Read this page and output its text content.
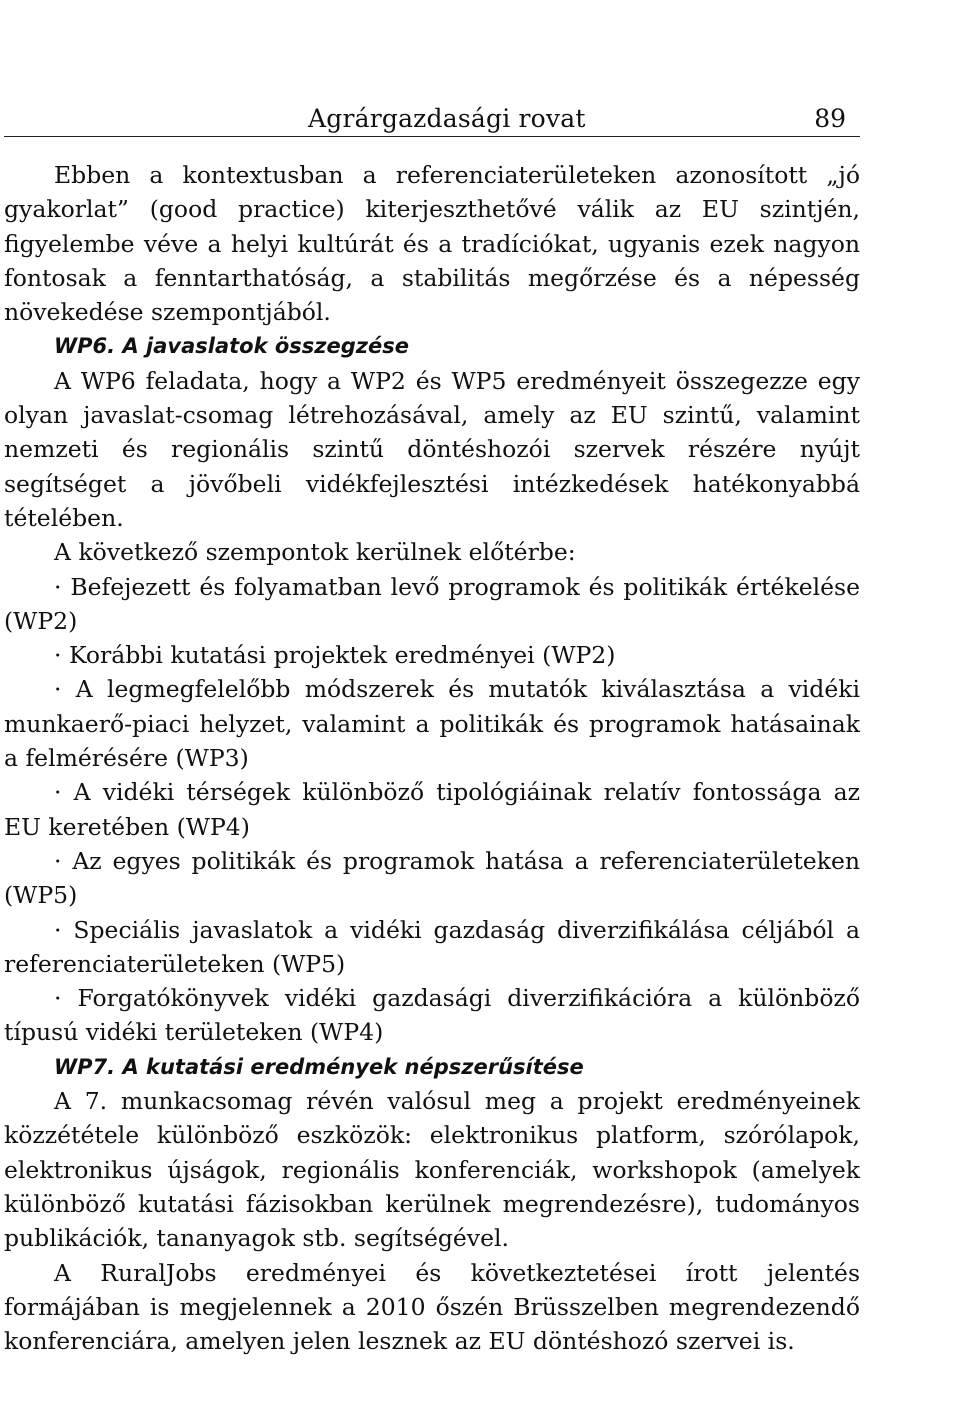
Agrárgazdasági rovat	89

Ebben a kontextusban a referenciaterületeken azonosított „jó gyakorlat” (good practice) kiterjeszthetővé válik az EU szintjén, figyelembe véve a helyi kultúrát és a tradíciókat, ugyanis ezek nagyon fontosak a fenntarthatóság, a stabilitás megőrzése és a népesség növekedése szempontjából.

WP6. A javaslatok összegzése

A WP6 feladata, hogy a WP2 és WP5 eredményeit összegezze egy olyan javaslat-csomag létrehozásával, amely az EU szintű, valamint nemzeti és regionális szintű döntéshozói szervek részére nyújt segítséget a jövőbeli vidékfejlesztési intézkedések hatékonyabbá tételében.

A következő szempontok kerülnek előtérbe:

· Befejezett és folyamatban levő programok és politikák értékelése (WP2)

· Korábbi kutatási projektek eredményei (WP2)

· A legmegfelelőbb módszerek és mutatók kiválasztása a vidéki munkaerő-piaci helyzet, valamint a politikák és programok hatásainak a felmérésére (WP3)

· A vidéki térségek különböző tipológiáinak relatív fontossága az EU keretében (WP4)

· Az egyes politikák és programok hatása a referenciaterületeken (WP5)

· Speciális javaslatok a vidéki gazdaság diverzifikálása céljából a referenciaterületeken (WP5)

· Forgatókönyvek vidéki gazdasági diverzifikációra a különböző típusú vidéki területeken (WP4)

WP7. A kutatási eredmények népszerűsítése

A 7. munkacsomag révén valósul meg a projekt eredményeinek közzététele különböző eszközök: elektronikus platform, szórólapok, elektronikus újságok, regionális konferenciák, workshopok (amelyek különböző kutatási fázisokban kerülnek megrendezésre), tudományos publikációk, tananyagok stb. segítségével.

A RuralJobs eredményei és következtetései írott jelentés formájában is megjelennek a 2010 őszén Brüsszelben megrendezendő konferenciára, amelyen jelen lesznek az EU döntéshozó szervei is.
